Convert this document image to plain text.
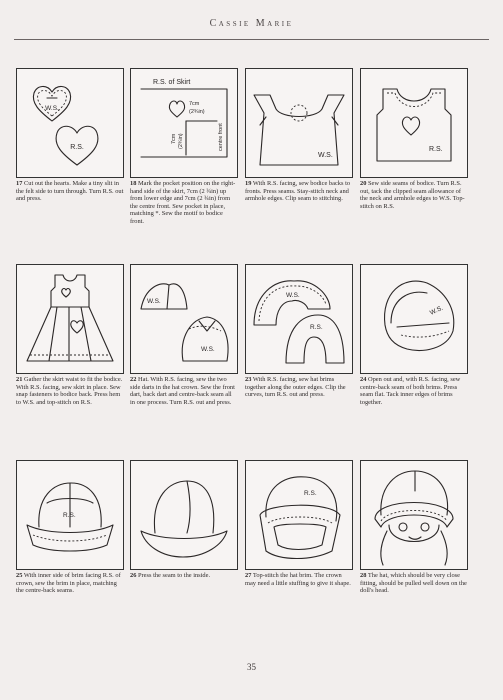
Cassie Marie
W.S.
R.S.
17 Cut out the hearts. Make a tiny slit in the felt side to turn through. Turn R.S. out and press.
R.S. of Skirt
7cm
(2¾in)
7cm (2¾in)	centre front
18 Mark the pocket position on the right-hand side of the skirt, 7cm (2 ¾in) up from lower edge and 7cm (2 ¾in) from the centre front. Sew pocket in place, matching *. Sew the motif to bodice front.
W.S.
19 With R.S. facing, sew bodice backs to fronts. Press seams. Stay-stitch neck and armhole edges. Clip seam to stitching.
R.S.
20 Sew side seams of bodice. Turn R.S. out, tack the clipped seam allowance of the neck and armhole edges to W.S. Top-stitch on R.S.
21 Gather the skirt waist to fit the bodice. With R.S. facing, sew skirt in place. Sew snap fasteners to bodice back. Press hem to W.S. and top-stitch on R.S.
W.S.
W.S.
22 Hat. With R.S. facing, sew the two side darts in the hat crown. Sew the front dart, back dart and centre-back seam all in one process. Turn R.S. out and press.
W.S.
R.S.
23 With R.S. facing, sew hat brims together along the outer edges. Clip the curves, turn R.S. out and press.
W.S.
24 Open out and, with R.S. facing, sew centre-back seam of both brims. Press seam flat. Tack inner edges of brims together.
R.S.
25 With inner side of brim facing R.S. of crown, sew the brim in place, matching the centre-back seams.
26 Press the seam to the inside.
R.S.
27 Top-stitch the hat brim. The crown may need a little stuffing to give it shape.
28 The hat, which should be very close fitting, should be pulled well down on the doll's head.
35
